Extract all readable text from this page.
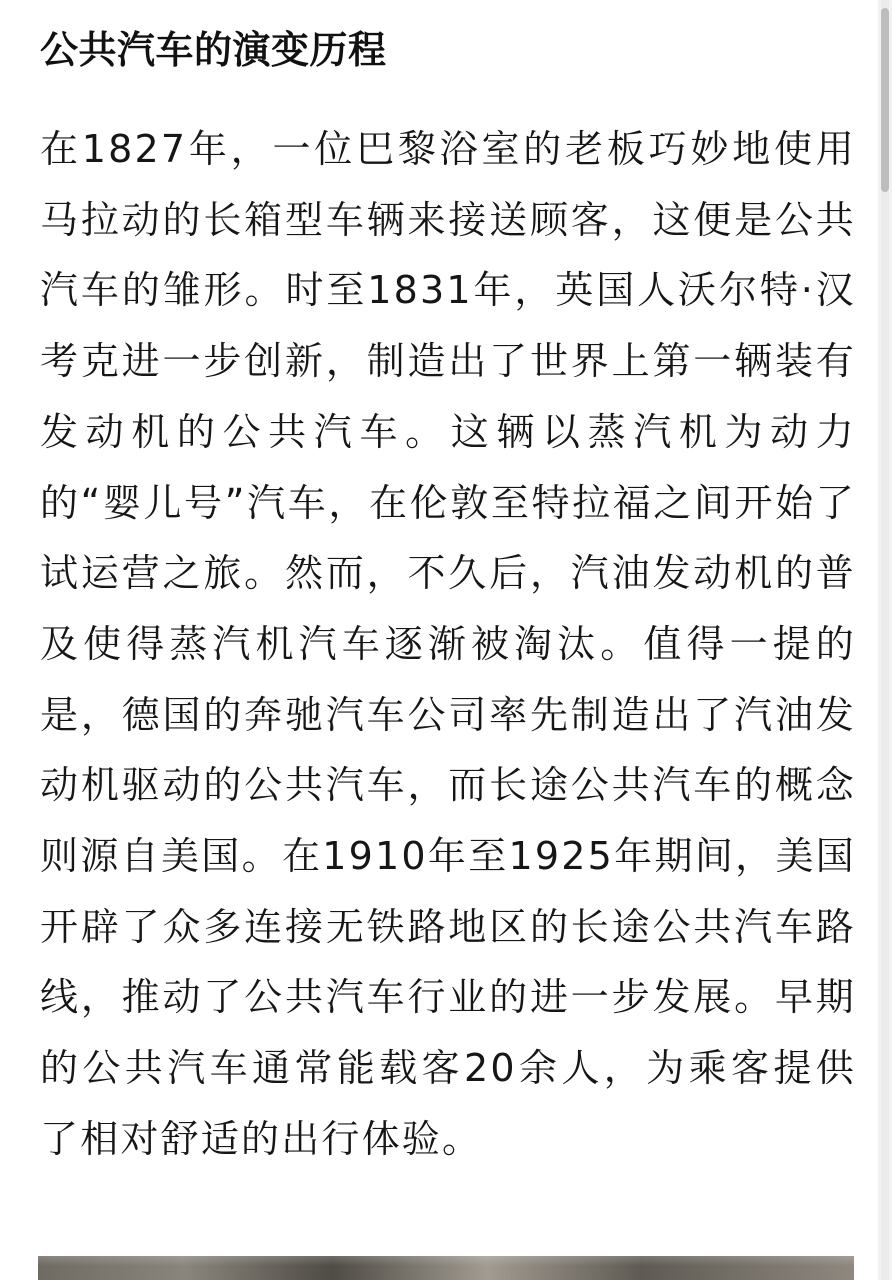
公共汽车的演变历程

在1827年，一位巴黎浴室的老板巧妙地使用马拉动的长箱型车辆来接送顾客，这便是公共汽车的雏形。时至1831年，英国人沃尔特·汉考克进一步创新，制造出了世界上第一辆装有发动机的公共汽车。这辆以蒸汽机为动力的“婴儿号”汽车，在伦敦至特拉福之间开始了试运营之旅。然而，不久后，汽油发动机的普及使得蒸汽机汽车逐渐被淘汰。值得一提的是，德国的奔驰汽车公司率先制造出了汽油发动机驱动的公共汽车，而长途公共汽车的概念则源自美国。在1910年至1925年期间，美国开辟了众多连接无铁路地区的长途公共汽车路线，推动了公共汽车行业的进一步发展。早期的公共汽车通常能载客20余人，为乘客提供了相对舒适的出行体验。
